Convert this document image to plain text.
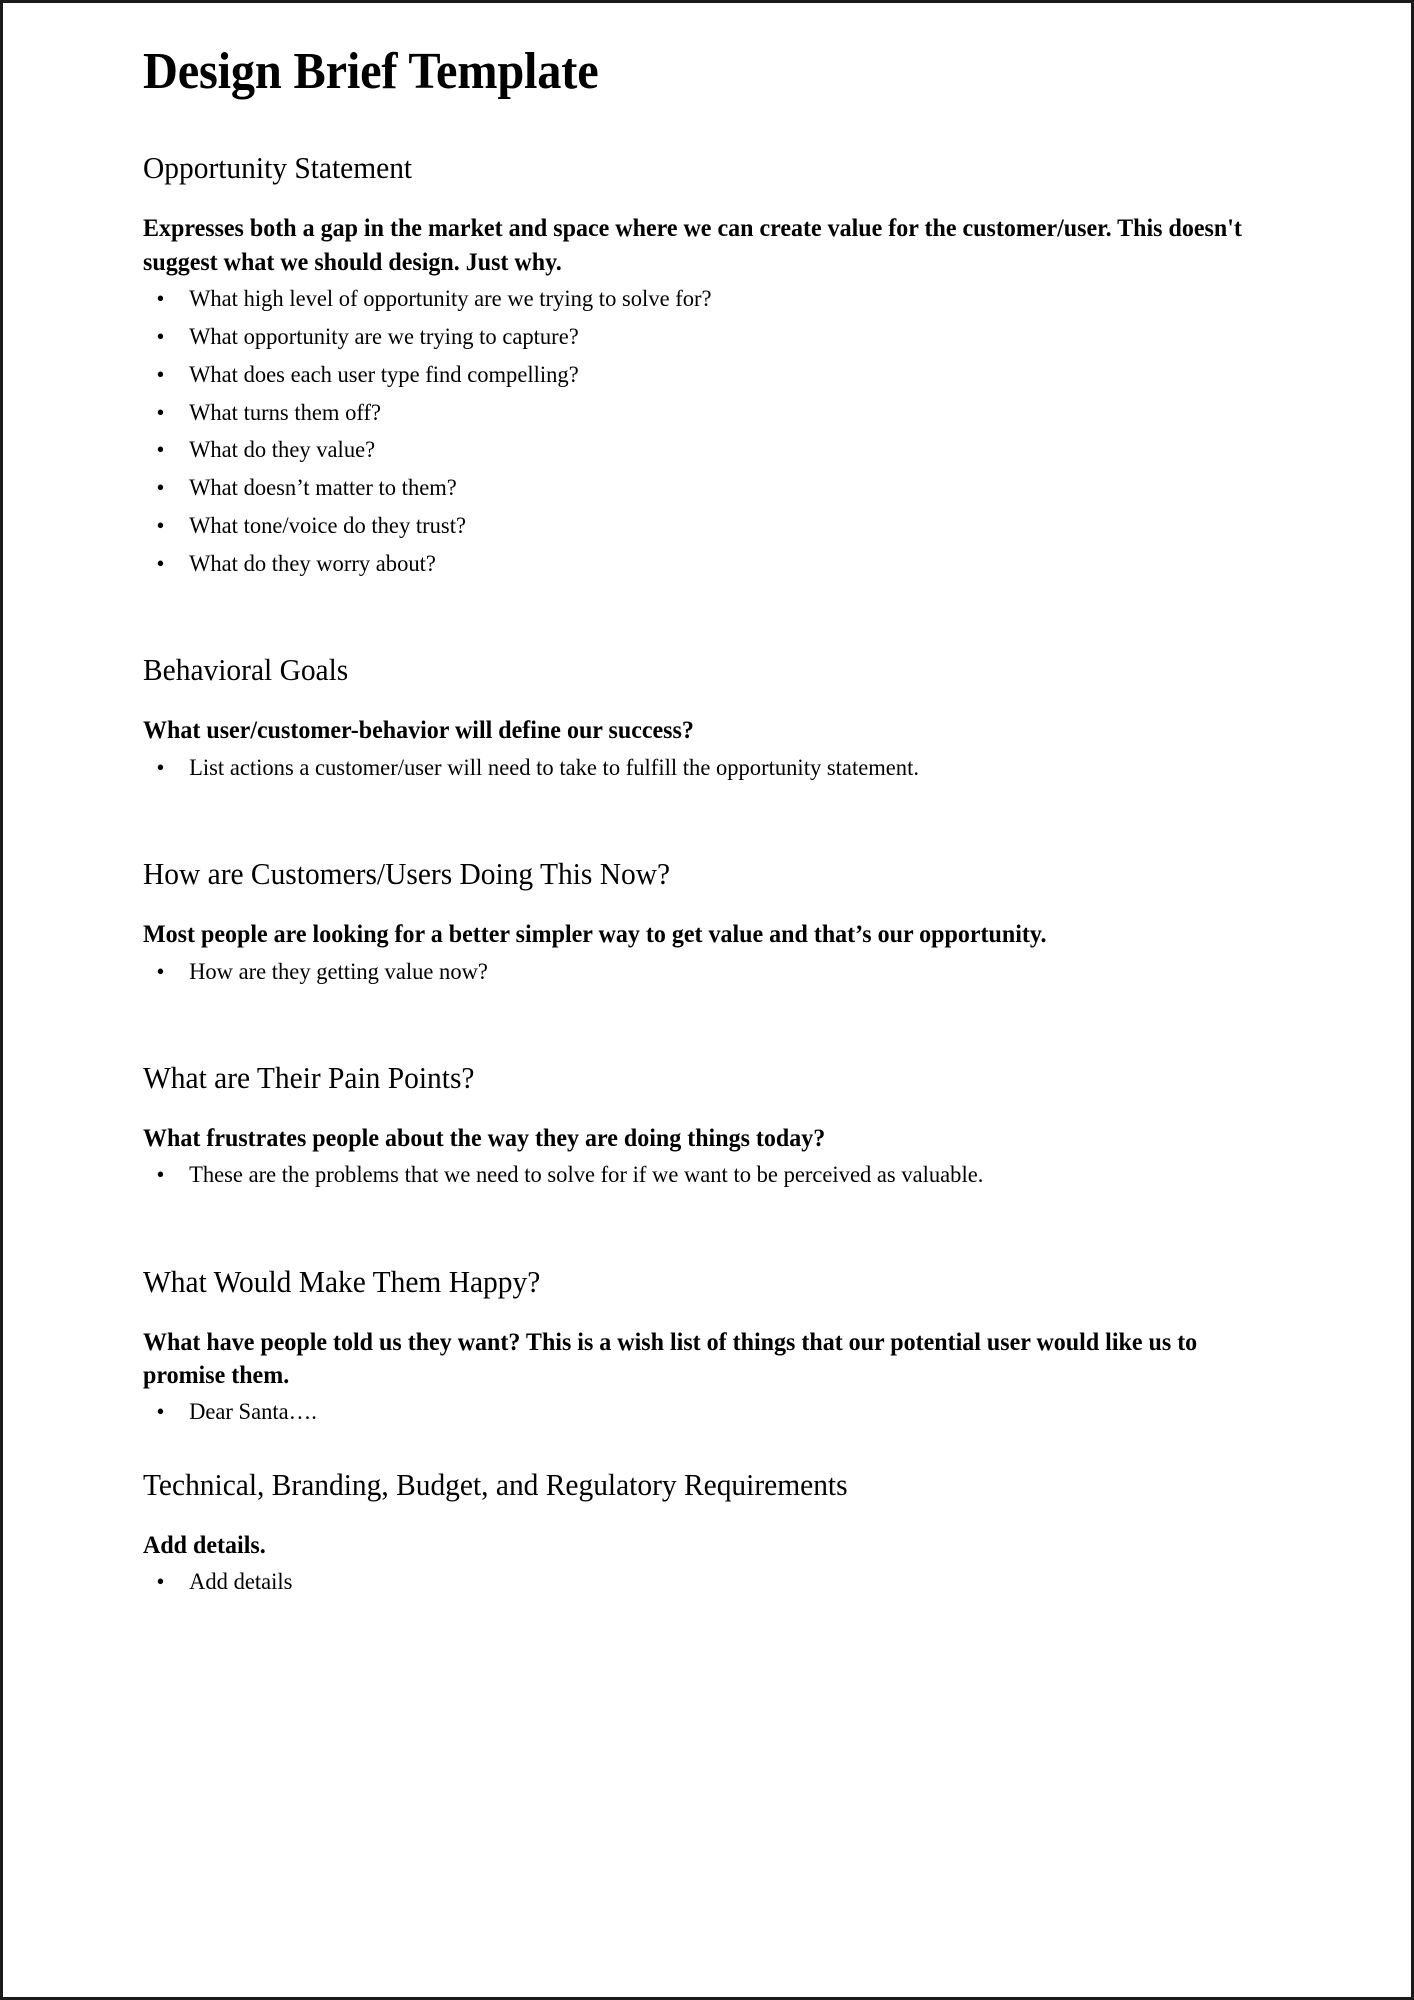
Design Brief Template
Opportunity Statement

Expresses both a gap in the market and space where we can create value for the customer/user. This doesn't suggest what we should design. Just why.

• What high level of opportunity are we trying to solve for?
• What opportunity are we trying to capture?
• What does each user type find compelling?
• What turns them off?
• What do they value?
• What doesn’t matter to them?
• What tone/voice do they trust?
• What do they worry about?
Behavioral Goals

What user/customer-behavior will define our success?

• List actions a customer/user will need to take to fulfill the opportunity statement.
How are Customers/Users Doing This Now?

Most people are looking for a better simpler way to get value and that’s our opportunity.

• How are they getting value now?
What are Their Pain Points?

What frustrates people about the way they are doing things today?

• These are the problems that we need to solve for if we want to be perceived as valuable.
What Would Make Them Happy?

What have people told us they want? This is a wish list of things that our potential user would like us to promise them.

• Dear Santa….
Technical, Branding, Budget, and Regulatory Requirements

Add details.

• Add details
